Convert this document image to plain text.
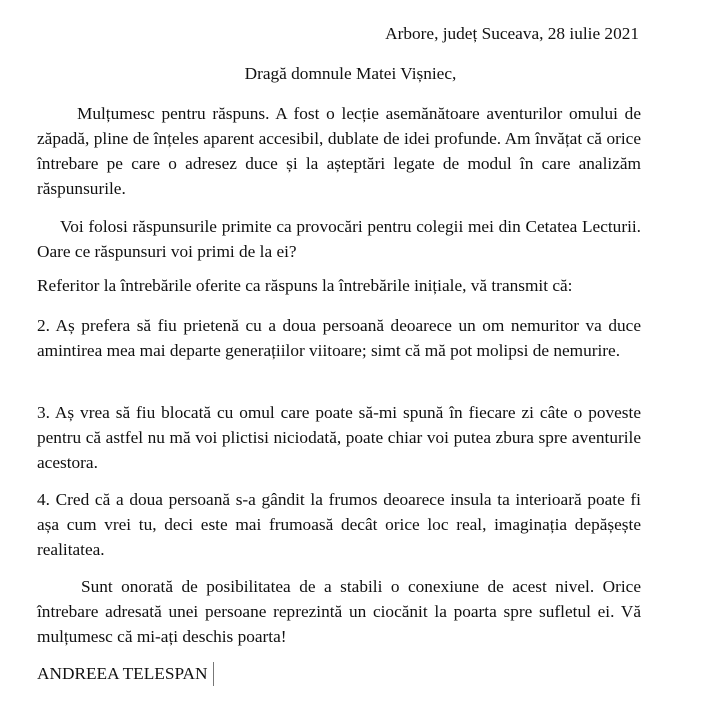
Arbore, județ Suceava, 28 iulie 2021
Dragă domnule Matei Vișniec,

Mulțumesc pentru răspuns. A fost o lecție asemănătoare aventurilor omului de zăpadă, pline de înțeles aparent accesibil, dublate de idei profunde. Am învățat că orice întrebare pe care o adresez duce și la așteptări legate de modul în care analizăm răspunsurile.

Voi folosi răspunsurile primite ca provocări pentru colegii mei din Cetatea Lecturii. Oare ce răspunsuri voi primi de la ei?

Referitor la întrebările oferite ca răspuns la întrebările inițiale, vă transmit că:

2. Aș prefera să fiu prietenă cu a doua persoană deoarece un om nemuritor va duce amintirea mea mai departe generațiilor viitoare; simt că mă pot molipsi de nemurire.

3. Aș vrea să fiu blocată cu omul care poate să-mi spună în fiecare zi câte o poveste pentru că astfel nu mă voi plictisi niciodată, poate chiar voi putea zbura spre aventurile acestora.

4. Cred că a doua persoană s-a gândit la frumos deoarece insula ta interioară poate fi așa cum vrei tu, deci este mai frumoasă decât orice loc real, imaginația depășește realitatea.

Sunt onorată de posibilitatea de a stabili o conexiune de acest nivel. Orice întrebare adresată unei persoane reprezintă un ciocănit la poarta spre sufletul ei. Vă mulțumesc că mi-ați deschis poarta!

ANDREEA TELESPAN
